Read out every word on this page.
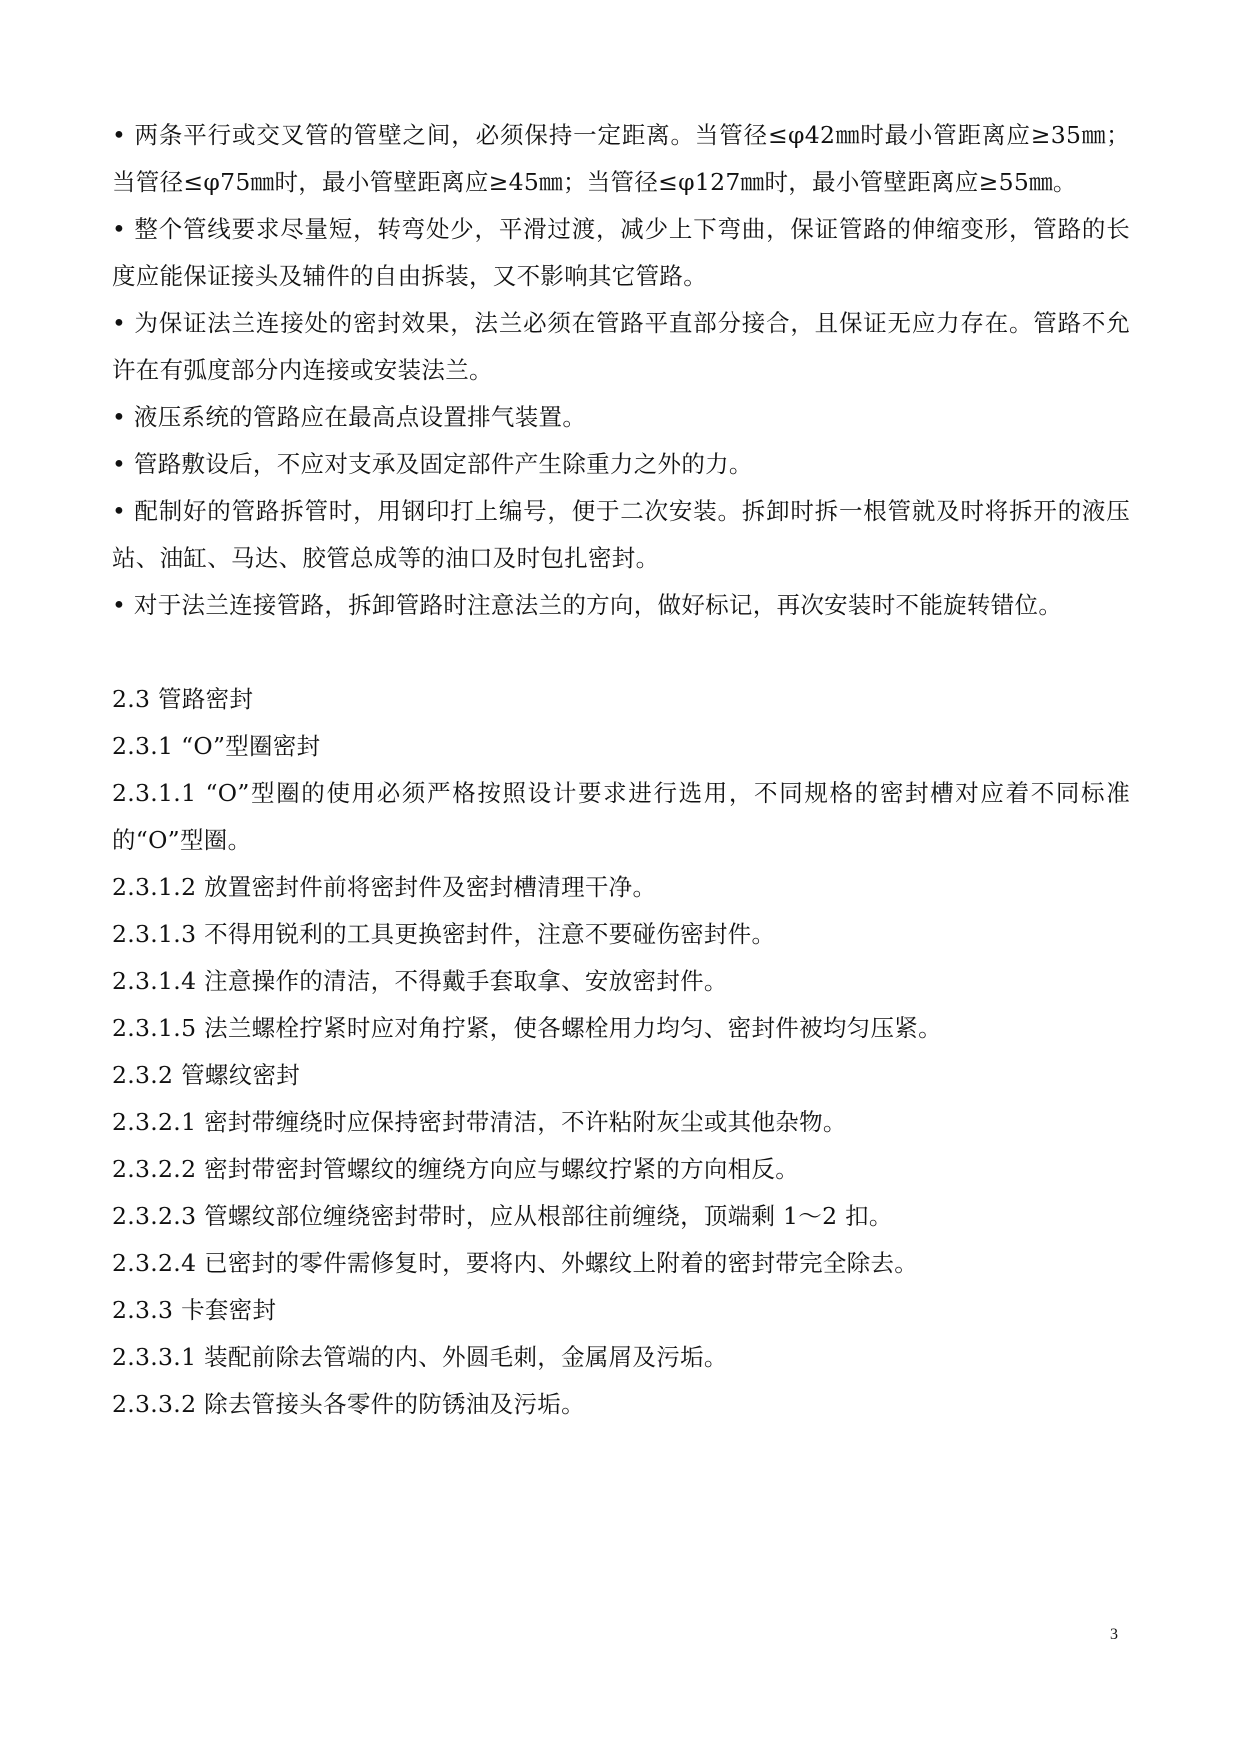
• 两条平行或交叉管的管壁之间，必须保持一定距离。当管径≤φ42㎜时最小管距离应≥35㎜；当管径≤φ75㎜时，最小管壁距离应≥45㎜；当管径≤φ127㎜时，最小管壁距离应≥55㎜。

• 整个管线要求尽量短，转弯处少，平滑过渡，减少上下弯曲，保证管路的伸缩变形，管路的长度应能保证接头及辅件的自由拆装，又不影响其它管路。

• 为保证法兰连接处的密封效果，法兰必须在管路平直部分接合，且保证无应力存在。管路不允许在有弧度部分内连接或安装法兰。

• 液压系统的管路应在最高点设置排气装置。

• 管路敷设后，不应对支承及固定部件产生除重力之外的力。

• 配制好的管路拆管时，用钢印打上编号，便于二次安装。拆卸时拆一根管就及时将拆开的液压站、油缸、马达、胶管总成等的油口及时包扎密封。

• 对于法兰连接管路，拆卸管路时注意法兰的方向，做好标记，再次安装时不能旋转错位。

2.3 管路密封

2.3.1 “O”型圈密封

2.3.1.1 “O”型圈的使用必须严格按照设计要求进行选用，不同规格的密封槽对应着不同标准的“O”型圈。

2.3.1.2 放置密封件前将密封件及密封槽清理干净。

2.3.1.3 不得用锐利的工具更换密封件，注意不要碰伤密封件。

2.3.1.4 注意操作的清洁，不得戴手套取拿、安放密封件。

2.3.1.5 法兰螺栓拧紧时应对角拧紧，使各螺栓用力均匀、密封件被均匀压紧。

2.3.2 管螺纹密封

2.3.2.1 密封带缠绕时应保持密封带清洁，不许粘附灰尘或其他杂物。

2.3.2.2 密封带密封管螺纹的缠绕方向应与螺纹拧紧的方向相反。

2.3.2.3 管螺纹部位缠绕密封带时，应从根部往前缠绕，顶端剩 1～2 扣。

2.3.2.4 已密封的零件需修复时，要将内、外螺纹上附着的密封带完全除去。

2.3.3 卡套密封

2.3.3.1 装配前除去管端的内、外圆毛刺，金属屑及污垢。

2.3.3.2 除去管接头各零件的防锈油及污垢。

3
